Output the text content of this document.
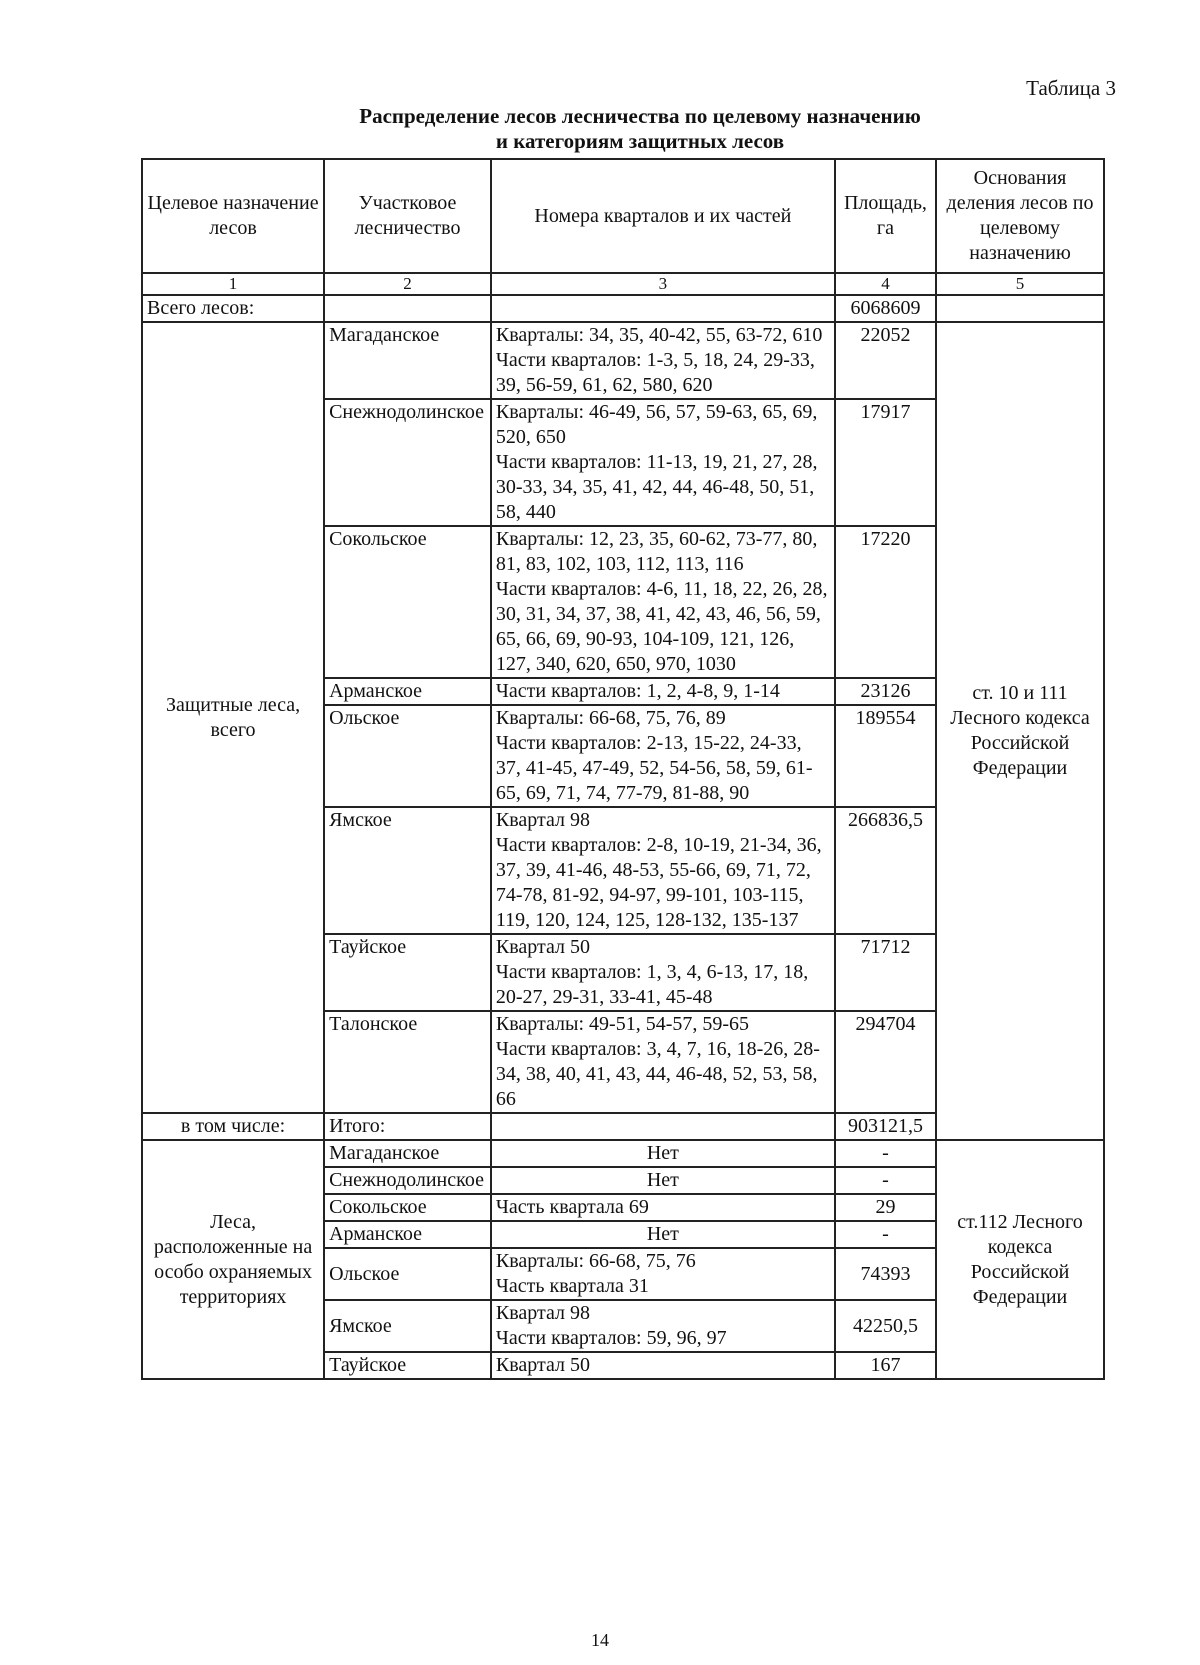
Таблица 3
Распределение лесов лесничества по целевому назначению
и категориям защитных лесов
Целевое назначение лесов	Участковое лесничество	Номера кварталов и их частей	Площадь, га	Основания деления лесов по целевому назначению
1	2	3	4	5
Всего лесов:			6068609	

Защитные леса, всего	Магаданское	Кварталы: 34, 35, 40-42, 55, 63-72, 610
Части кварталов: 1-3, 5, 18, 24, 29-33, 39, 56-59, 61, 62, 580, 620	22052	ст. 10 и 111 Лесного кодекса Российской Федерации
	Снежнодолинское	Кварталы: 46-49, 56, 57, 59-63, 65, 69, 520, 650
Части кварталов: 11-13, 19, 21, 27, 28, 30-33, 34, 35, 41, 42, 44, 46-48, 50, 51, 58, 440	17917	
	Сокольское	Кварталы: 12, 23, 35, 60-62, 73-77, 80, 81, 83, 102, 103, 112, 113, 116
Части кварталов: 4-6, 11, 18, 22, 26, 28, 30, 31, 34, 37, 38, 41, 42, 43, 46, 56, 59, 65, 66, 69, 90-93, 104-109, 121, 126, 127, 340, 620, 650, 970, 1030	17220	
	Арманское	Части кварталов: 1, 2, 4-8, 9, 1-14	23126	
	Ольское	Кварталы: 66-68, 75, 76, 89
Части кварталов: 2-13, 15-22, 24-33, 37, 41-45, 47-49, 52, 54-56, 58, 59, 61-65, 69, 71, 74, 77-79, 81-88, 90	189554	
	Ямское	Квартал 98
Части кварталов: 2-8, 10-19, 21-34, 36, 37, 39, 41-46, 48-53, 55-66, 69, 71, 72, 74-78, 81-92, 94-97, 99-101, 103-115, 119, 120, 124, 125, 128-132, 135-137	266836,5	
	Тауйское	Квартал 50
Части кварталов: 1, 3, 4, 6-13, 17, 18, 20-27, 29-31, 33-41, 45-48	71712	
	Талонское	Кварталы: 49-51, 54-57, 59-65
Части кварталов: 3, 4, 7, 16, 18-26, 28-34, 38, 40, 41, 43, 44, 46-48, 52, 53, 58, 66	294704	
в том числе:	Итого:		903121,5	
Леса, расположенные на особо охраняемых территориях	Магаданское	Нет	-	ст.112 Лесного кодекса Российской Федерации
	Снежнодолинское	Нет	-	
	Сокольское	Часть квартала 69	29	
	Арманское	Нет	-	
	Ольское	Кварталы: 66-68, 75, 76
Часть квартала 31	74393	
	Ямское	Квартал 98
Части кварталов: 59, 96, 97	42250,5	
	Тауйское	Квартал 50	167	
14
